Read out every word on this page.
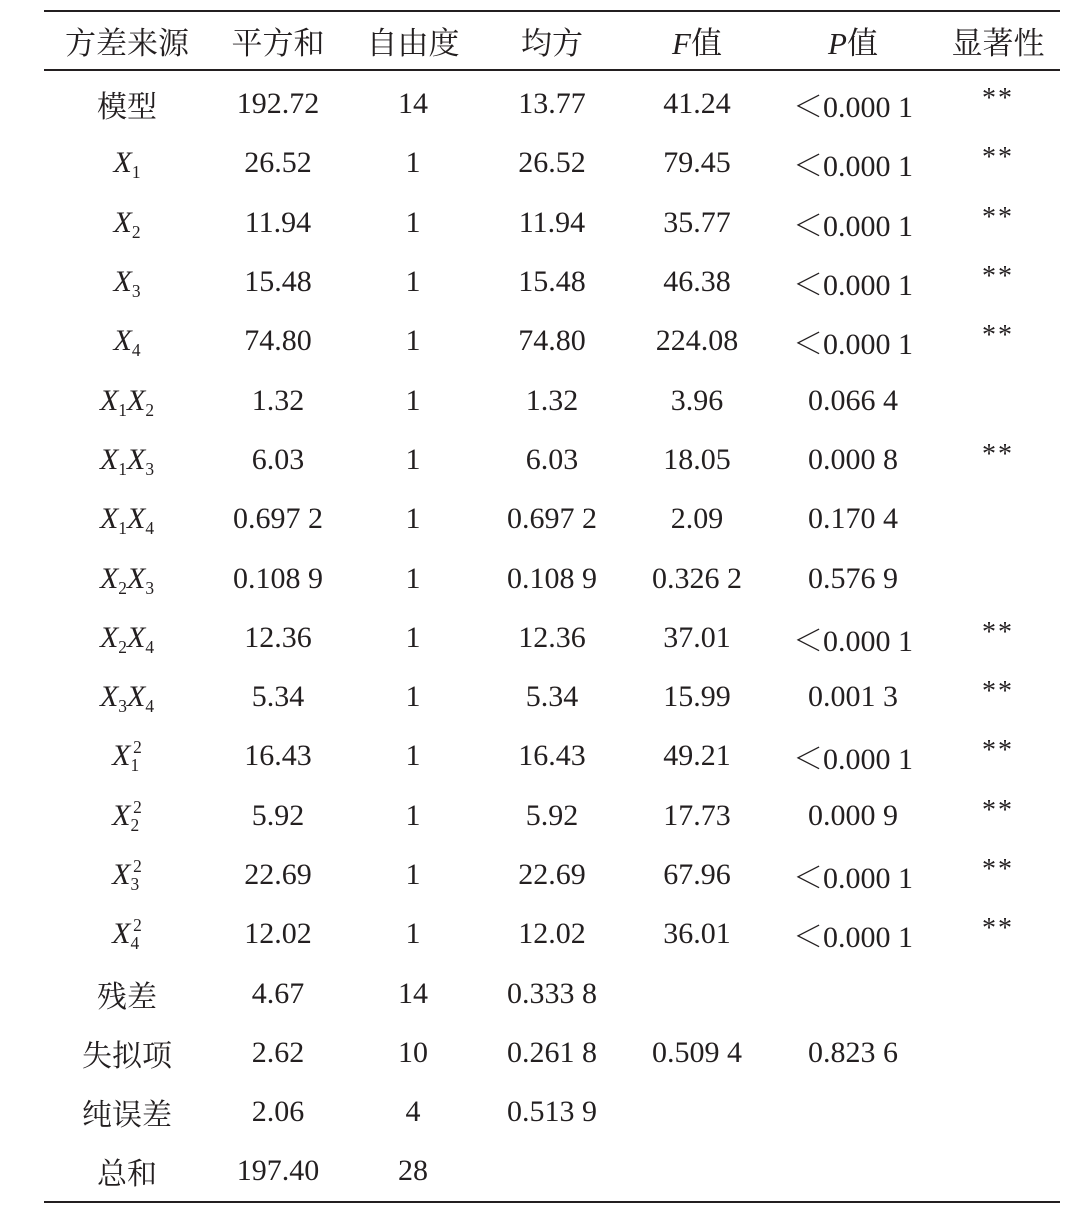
方差来源	平方和	自由度	均方	F值	P值	显著性

模型	192.72	14	13.77	41.24	＜0.000 1	**
$X_1$	26.52	1	26.52	79.45	＜0.000 1	**
$X_2$	11.94	1	11.94	35.77	＜0.000 1	**
$X_3$	15.48	1	15.48	46.38	＜0.000 1	**
$X_4$	74.80	1	74.80	224.08	＜0.000 1	**
$X_1X_2$	1.32	1	1.32	3.96	0.066 4	
$X_1X_3$	6.03	1	6.03	18.05	0.000 8	**
$X_1X_4$	0.697 2	1	0.697 2	2.09	0.170 4	
$X_2X_3$	0.108 9	1	0.108 9	0.326 2	0.576 9	
$X_2X_4$	12.36	1	12.36	37.01	＜0.000 1	**
$X_3X_4$	5.34	1	5.34	15.99	0.001 3	**
$X_1^2$	16.43	1	16.43	49.21	＜0.000 1	**
$X_2^2$	5.92	1	5.92	17.73	0.000 9	**
$X_3^2$	22.69	1	22.69	67.96	＜0.000 1	**
$X_4^2$	12.02	1	12.02	36.01	＜0.000 1	**
残差	4.67	14	0.333 8			
失拟项	2.62	10	0.261 8	0.509 4	0.823 6	
纯误差	2.06	4	0.513 9			
总和	197.40	28				
